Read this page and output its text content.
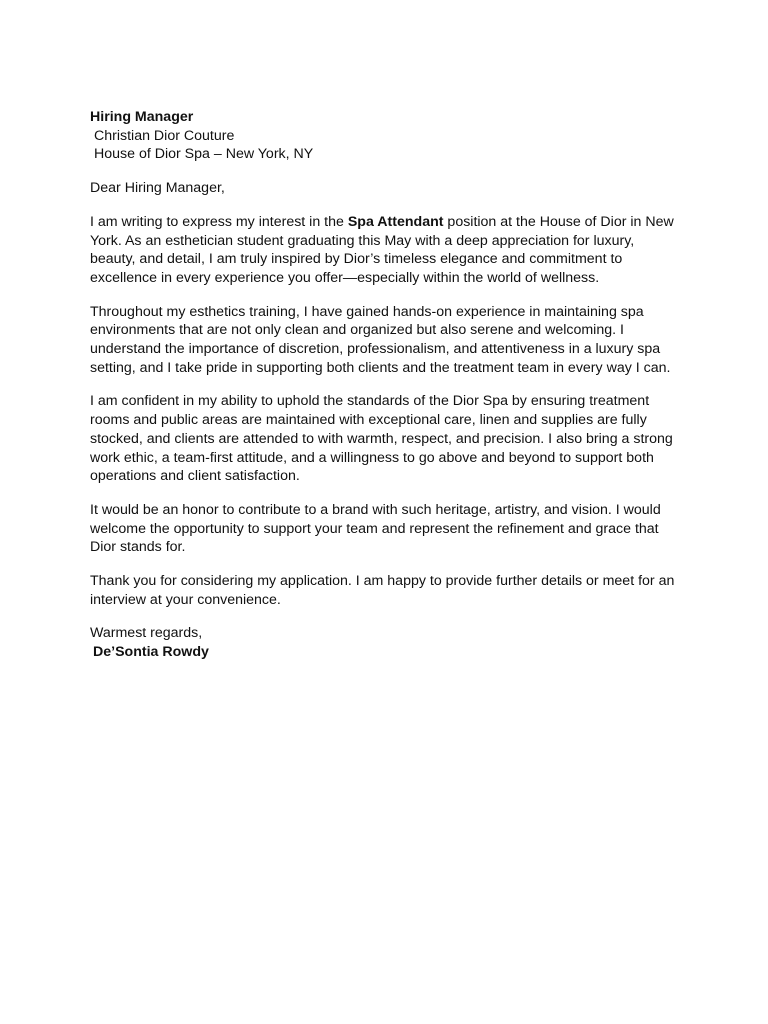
Hiring Manager

Christian Dior Couture

House of Dior Spa – New York, NY

Dear Hiring Manager,

I am writing to express my interest in the Spa Attendant position at the House of Dior in New York. As an esthetician student graduating this May with a deep appreciation for luxury, beauty, and detail, I am truly inspired by Dior’s timeless elegance and commitment to excellence in every experience you offer—especially within the world of wellness.

Throughout my esthetics training, I have gained hands-on experience in maintaining spa environments that are not only clean and organized but also serene and welcoming. I understand the importance of discretion, professionalism, and attentiveness in a luxury spa setting, and I take pride in supporting both clients and the treatment team in every way I can.

I am confident in my ability to uphold the standards of the Dior Spa by ensuring treatment rooms and public areas are maintained with exceptional care, linen and supplies are fully stocked, and clients are attended to with warmth, respect, and precision. I also bring a strong work ethic, a team-first attitude, and a willingness to go above and beyond to support both operations and client satisfaction.

It would be an honor to contribute to a brand with such heritage, artistry, and vision. I would welcome the opportunity to support your team and represent the refinement and grace that Dior stands for.

Thank you for considering my application. I am happy to provide further details or meet for an interview at your convenience.

Warmest regards,

De’Sontia Rowdy
